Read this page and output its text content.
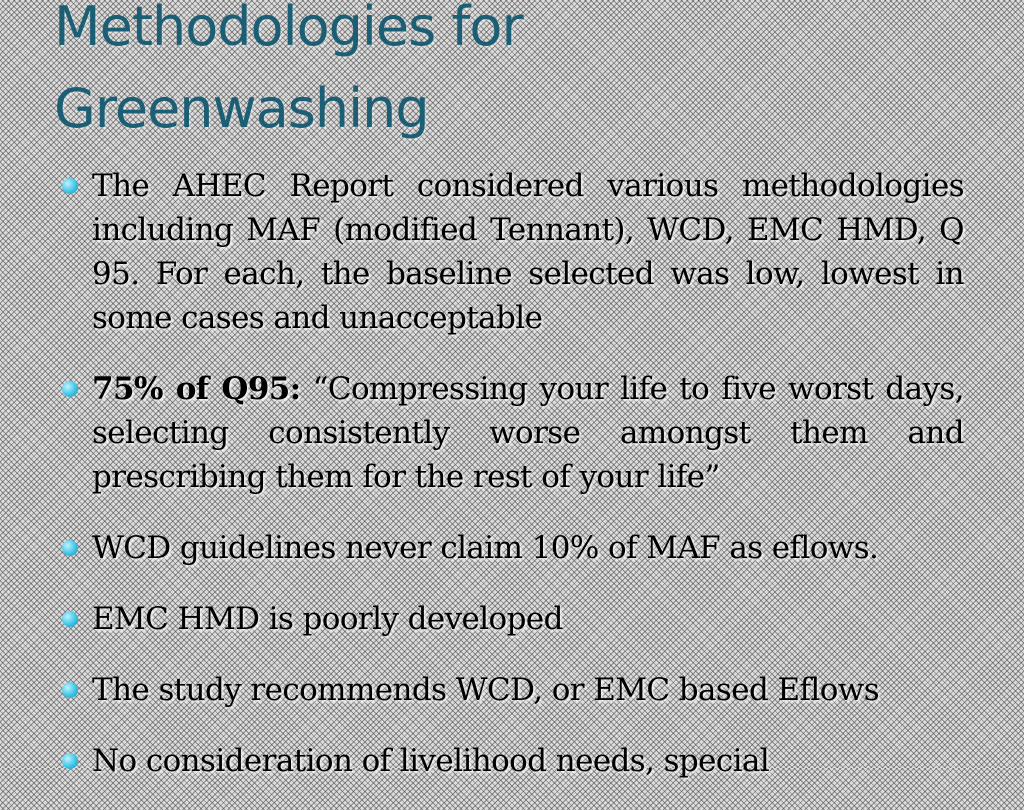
Methodologies for
Greenwashing
The AHEC Report considered various methodologies including MAF (modified Tennant), WCD, EMC HMD, Q 95. For each, the baseline selected was low, lowest in some cases and unacceptable
75% of Q95: “Compressing your life to five worst days, selecting consistently worse amongst them and prescribing them for the rest of your life”
WCD guidelines never claim 10% of MAF as eflows.
EMC HMD is poorly developed
The study recommends WCD, or EMC based Eflows
No consideration of livelihood needs, special
